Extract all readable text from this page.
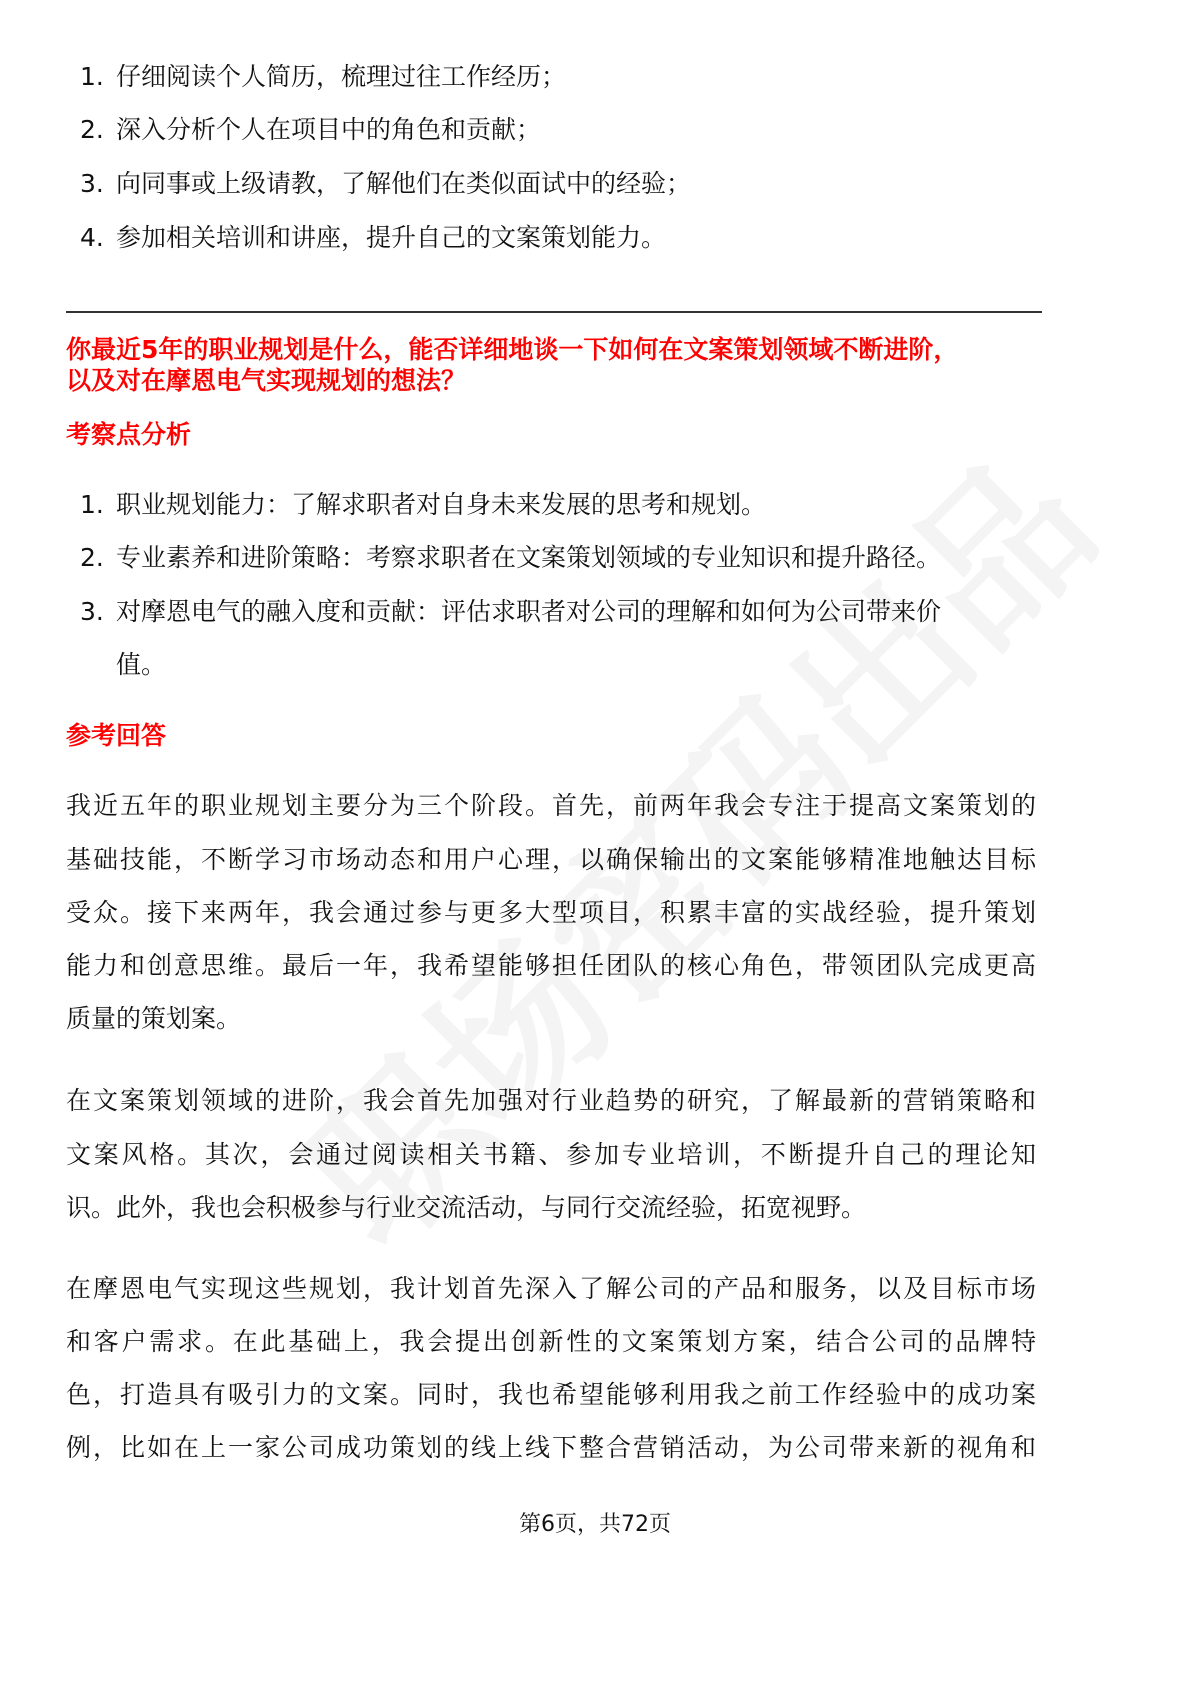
1. 仔细阅读个人简历，梳理过往工作经历；
2. 深入分析个人在项目中的角色和贡献；
3. 向同事或上级请教，了解他们在类似面试中的经验；
4. 参加相关培训和讲座，提升自己的文案策划能力。
你最近5年的职业规划是什么，能否详细地谈一下如何在文案策划领域不断进阶，
以及对在摩恩电气实现规划的想法？
考察点分析
1. 职业规划能力：了解求职者对自身未来发展的思考和规划。
2. 专业素养和进阶策略：考察求职者在文案策划领域的专业知识和提升路径。
3. 对摩恩电气的融入度和贡献：评估求职者对公司的理解和如何为公司带来价
值。
参考回答
我近五年的职业规划主要分为三个阶段。首先，前两年我会专注于提高文案策划的
基础技能，不断学习市场动态和用户心理，以确保输出的文案能够精准地触达目标
受众。接下来两年，我会通过参与更多大型项目，积累丰富的实战经验，提升策划
能力和创意思维。最后一年，我希望能够担任团队的核心角色，带领团队完成更高
质量的策划案。
在文案策划领域的进阶，我会首先加强对行业趋势的研究，了解最新的营销策略和
文案风格。其次，会通过阅读相关书籍、参加专业培训，不断提升自己的理论知
识。此外，我也会积极参与行业交流活动，与同行交流经验，拓宽视野。
在摩恩电气实现这些规划，我计划首先深入了解公司的产品和服务，以及目标市场
和客户需求。在此基础上，我会提出创新性的文案策划方案，结合公司的品牌特
色，打造具有吸引力的文案。同时，我也希望能够利用我之前工作经验中的成功案
例，比如在上一家公司成功策划的线上线下整合营销活动，为公司带来新的视角和
第6页，共72页
